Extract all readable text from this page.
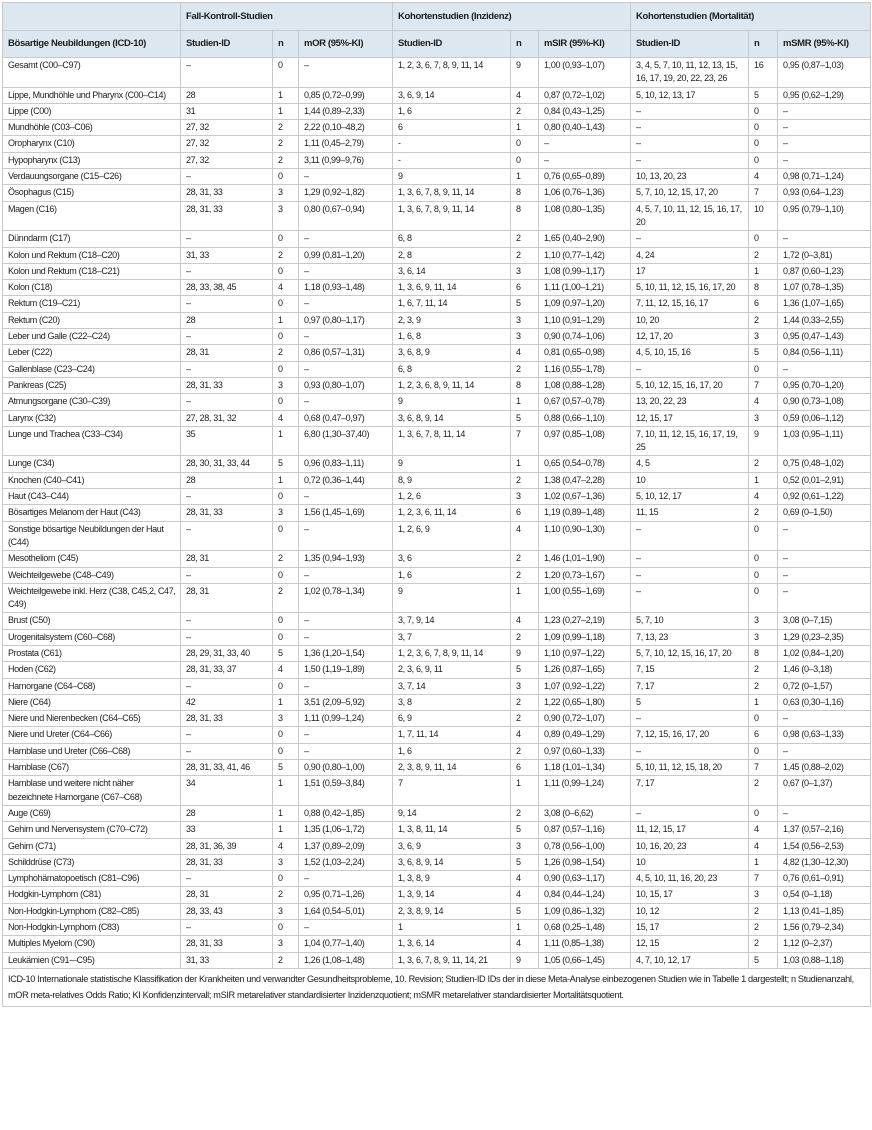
	Fall-Kontroll-Studien			Kohortenstudien (Inzidenz)			Kohortenstudien (Mortalität)		
Bösartige Neubildungen (ICD-10)	Studien-ID	n	mOR (95%-KI)	Studien-ID	n	mSIR (95%-KI)	Studien-ID	n	mSMR (95%-KI)
Gesamt (C00–C97)	–	0	–	1, 2, 3, 6, 7, 8, 9, 11, 14	9	1,00 (0,93–1,07)	3, 4, 5, 7, 10, 11, 12, 13, 15, 16, 17, 19, 20, 22, 23, 26	16	0,95 (0,87–1,03)
Lippe, Mundhöhle und Pharynx (C00–C14)	28	1	0,85 (0,72–0,99)	3, 6, 9, 14	4	0,87 (0,72–1,02)	5, 10, 12, 13, 17	5	0,95 (0,62–1,29)
Lippe (C00)	31	1	1,44 (0,89–2,33)	1, 6	2	0,84 (0,43–1,25)	–	0	–
Mundhöhle (C03–C06)	27, 32	2	2,22 (0,10–48,2)	6	1	0,80 (0,40–1,43)	–	0	–
Oropharynx (C10)	27, 32	2	1,11 (0,45–2,79)	-	0	–	–	0	–
Hypopharynx (C13)	27, 32	2	3,11 (0,99–9,76)	-	0	–	–	0	–
Verdauungsorgane (C15–C26)	–	0	–	9	1	0,76 (0,65–0,89)	10, 13, 20, 23	4	0,98 (0,71–1,24)
Ösophagus (C15)	28, 31, 33	3	1,29 (0,92–1,82)	1, 3, 6, 7, 8, 9, 11, 14	8	1,06 (0,76–1,36)	5, 7, 10, 12, 15, 17, 20	7	0,93 (0,64–1,23)
Magen (C16)	28, 31, 33	3	0,80 (0,67–0,94)	1, 3, 6, 7, 8, 9, 11, 14	8	1,08 (0,80–1,35)	4, 5, 7, 10, 11, 12, 15, 16, 17, 20	10	0,95 (0,79–1,10)
Dünndarm (C17)	–	0	–	6, 8	2	1,65 (0,40–2,90)	–	0	–
Kolon und Rektum (C18–C20)	31, 33	2	0,99 (0,81–1,20)	2, 8	2	1,10 (0,77–1,42)	4, 24	2	1,72 (0–3,81)
Kolon und Rektum (C18–C21)	–	0	–	3, 6, 14	3	1,08 (0,99–1,17)	17	1	0,87 (0,60–1,23)
Kolon (C18)	28, 33, 38, 45	4	1,18 (0,93–1,48)	1, 3, 6, 9, 11, 14	6	1,11 (1,00–1,21)	5, 10, 11, 12, 15, 16, 17, 20	8	1,07 (0,78–1,35)
Rektum (C19–C21)	–	0	–	1, 6, 7, 11, 14	5	1,09 (0,97–1,20)	7, 11, 12, 15, 16, 17	6	1,36 (1,07–1,65)
Rektum (C20)	28	1	0,97 (0,80–1,17)	2, 3, 9	3	1,10 (0,91–1,29)	10, 20	2	1,44 (0,33–2,55)
Leber und Galle (C22–C24)	–	0	–	1, 6, 8	3	0,90 (0,74–1,06)	12, 17, 20	3	0,95 (0,47–1,43)
Leber (C22)	28, 31	2	0,86 (0,57–1,31)	3, 6, 8, 9	4	0,81 (0,65–0,98)	4, 5, 10, 15, 16	5	0,84 (0,56–1,11)
Gallenblase (C23–C24)	–	0	–	6, 8	2	1,16 (0,55–1,78)	–	0	–
Pankreas (C25)	28, 31, 33	3	0,93 (0,80–1,07)	1, 2, 3, 6, 8, 9, 11, 14	8	1,08 (0,88–1,28)	5, 10, 12, 15, 16, 17, 20	7	0,95 (0,70–1,20)
Atmungsorgane (C30–C39)	–	0	–	9	1	0,67 (0,57–0,78)	13, 20, 22, 23	4	0,90 (0,73–1,08)
Larynx (C32)	27, 28, 31, 32	4	0,68 (0,47–0,97)	3, 6, 8, 9, 14	5	0,88 (0,66–1,10)	12, 15, 17	3	0,59 (0,06–1,12)
Lunge und Trachea (C33–C34)	35	1	6,80 (1,30–37,40)	1, 3, 6, 7, 8, 11, 14	7	0,97 (0,85–1,08)	7, 10, 11, 12, 15, 16, 17, 19, 25	9	1,03 (0,95–1,11)
Lunge (C34)	28, 30, 31, 33, 44	5	0,96 (0,83–1,11)	9	1	0,65 (0,54–0,78)	4, 5	2	0,75 (0,48–1,02)
Knochen (C40–C41)	28	1	0,72 (0,36–1,44)	8, 9	2	1,38 (0,47–2,28)	10	1	0,52 (0,01–2,91)
Haut (C43–C44)	–	0	–	1, 2, 6	3	1,02 (0,67–1,36)	5, 10, 12, 17	4	0,92 (0,61–1,22)
Bösartiges Melanom der Haut (C43)	28, 31, 33	3	1,56 (1,45–1,69)	1, 2, 3, 6, 11, 14	6	1,19 (0,89–1,48)	11, 15	2	0,69 (0–1,50)
Sonstige bösartige Neubildungen der Haut (C44)	–	0	–	1, 2, 6, 9	4	1,10 (0,90–1,30)	–	0	–
Mesotheliom (C45)	28, 31	2	1,35 (0,94–1,93)	3, 6	2	1,46 (1,01–1,90)	–	0	–
Weichteilgewebe (C48–C49)	–	0	–	1, 6	2	1,20 (0,73–1,67)	–	0	–
Weichteilgewebe inkl. Herz (C38, C45,2, C47, C49)	28, 31	2	1,02 (0,78–1,34)	9	1	1,00 (0,55–1,69)	–	0	–
Brust (C50)	–	0	–	3, 7, 9, 14	4	1,23 (0,27–2,19)	5, 7, 10	3	3,08 (0–7,15)
Urogenitalsystem (C60–C68)	–	0	–	3, 7	2	1,09 (0,99–1,18)	7, 13, 23	3	1,29 (0,23–2,35)
Prostata (C61)	28, 29, 31, 33, 40	5	1,36 (1,20–1,54)	1, 2, 3, 6, 7, 8, 9, 11, 14	9	1,10 (0,97–1,22)	5, 7, 10, 12, 15, 16, 17, 20	8	1,02 (0,84–1,20)
Hoden (C62)	28, 31, 33, 37	4	1,50 (1,19–1,89)	2, 3, 6, 9, 11	5	1,26 (0,87–1,65)	7, 15	2	1,46 (0–3,18)
Harnorgane (C64–C68)	–	0	–	3, 7, 14	3	1,07 (0,92–1,22)	7, 17	2	0,72 (0–1,57)
Niere (C64)	42	1	3,51 (2,09–5,92)	3, 8	2	1,22 (0,65–1,80)	5	1	0,63 (0,30–1,16)
Niere und Nierenbecken (C64–C65)	28, 31, 33	3	1,11 (0,99–1,24)	6, 9	2	0,90 (0,72–1,07)	–	0	–
Niere und Ureter (C64–C66)	–	0	–	1, 7, 11, 14	4	0,89 (0,49–1,29)	7, 12, 15, 16, 17, 20	6	0,98 (0,63–1,33)
Harnblase und Ureter (C66–C68)	–	0	–	1, 6	2	0,97 (0,60–1,33)	–	0	–
Harnblase (C67)	28, 31, 33, 41, 46	5	0,90 (0,80–1,00)	2, 3, 8, 9, 11, 14	6	1,18 (1,01–1,34)	5, 10, 11, 12, 15, 18, 20	7	1,45 (0,88–2,02)
Harnblase und weitere nicht näher bezeichnete Harnorgane (C67–C68)	34	1	1,51 (0,59–3,84)	7	1	1,11 (0,99–1,24)	7, 17	2	0,67 (0–1,37)
Auge (C69)	28	1	0,88 (0,42–1,85)	9, 14	2	3,08 (0–6,62)	–	0	–
Gehirn und Nervensystem (C70–C72)	33	1	1,35 (1,06–1,72)	1, 3, 8, 11, 14	5	0,87 (0,57–1,16)	11, 12, 15, 17	4	1,37 (0,57–2,16)
Gehirn (C71)	28, 31, 36, 39	4	1,37 (0,89–2,09)	3, 6, 9	3	0,78 (0,56–1,00)	10, 16, 20, 23	4	1,54 (0,56–2,53)
Schilddrüse (C73)	28, 31, 33	3	1,52 (1,03–2,24)	3, 6, 8, 9, 14	5	1,26 (0,98–1,54)	10	1	4,82 (1,30–12,30)
Lymphohämatopoetisch (C81–C96)	–	0	–	1, 3, 8, 9	4	0,90 (0,63–1,17)	4, 5, 10, 11, 16, 20, 23	7	0,76 (0,61–0,91)
Hodgkin-Lymphom (C81)	28, 31	2	0,95 (0,71–1,26)	1, 3, 9, 14	4	0,84 (0,44–1,24)	10, 15, 17	3	0,54 (0–1,18)
Non-Hodgkin-Lymphom (C82–C85)	28, 33, 43	3	1,64 (0,54–5,01)	2, 3, 8, 9, 14	5	1,09 (0,86–1,32)	10, 12	2	1,13 (0,41–1,85)
Non-Hodgkin-Lymphom (C83)	–	0	–	1	1	0,68 (0,25–1,48)	15, 17	2	1,56 (0,79–2,34)
Multiples Myelom (C90)	28, 31, 33	3	1,04 (0,77–1,40)	1, 3, 6, 14	4	1,11 (0,85–1,38)	12, 15	2	1,12 (0–2,37)
Leukämien (C91-–C95)	31, 33	2	1,26 (1,08–1,48)	1, 3, 6, 7, 8, 9, 11, 14, 21	9	1,05 (0,66–1,45)	4, 7, 10, 12, 17	5	1,03 (0,88–1,18)
ICD-10 Internationale statistische Klassifikation der Krankheiten und verwandter Gesundheitsprobleme, 10. Revision; Studien-ID IDs der in diese Meta-Analyse einbezogenen Studien wie in Tabelle 1 dargestellt; n Studienanzahl, mOR meta-relatives Odds Ratio; KI Konfidenzintervall; mSIR metarelativer standardisierter Inzidenzquotient; mSMR metarelativer standardisierter Mortalitätsquotient.									
